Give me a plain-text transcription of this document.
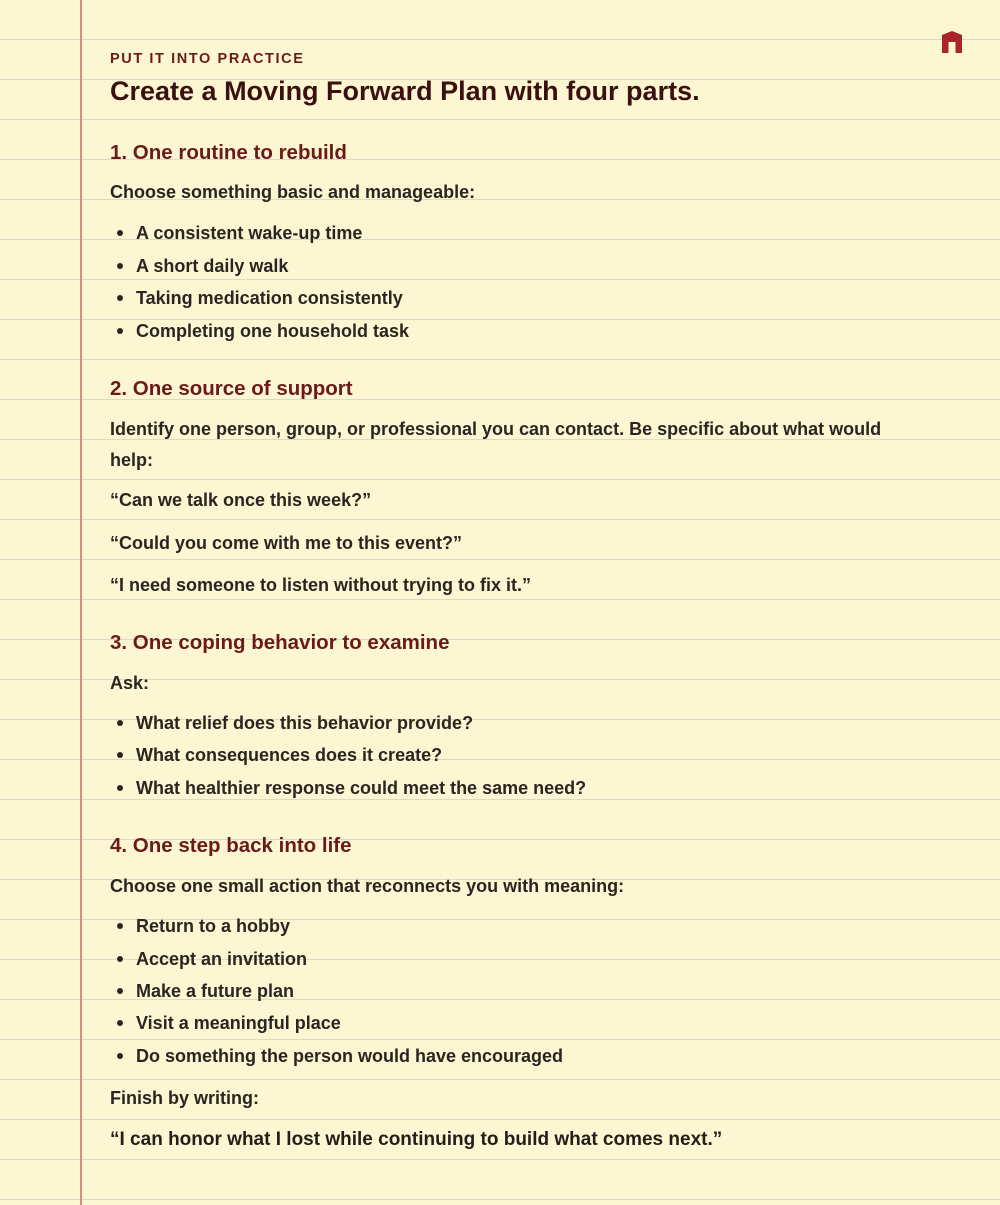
PUT IT INTO PRACTICE
Create a Moving Forward Plan with four parts.
1. One routine to rebuild
Choose something basic and manageable:
A consistent wake-up time
A short daily walk
Taking medication consistently
Completing one household task
2. One source of support
Identify one person, group, or professional you can contact. Be specific about what would
help:
“Can we talk once this week?”
“Could you come with me to this event?”
“I need someone to listen without trying to fix it.”
3. One coping behavior to examine
Ask:
What relief does this behavior provide?
What consequences does it create?
What healthier response could meet the same need?
4. One step back into life
Choose one small action that reconnects you with meaning:
Return to a hobby
Accept an invitation
Make a future plan
Visit a meaningful place
Do something the person would have encouraged
Finish by writing:
“I can honor what I lost while continuing to build what comes next.”
